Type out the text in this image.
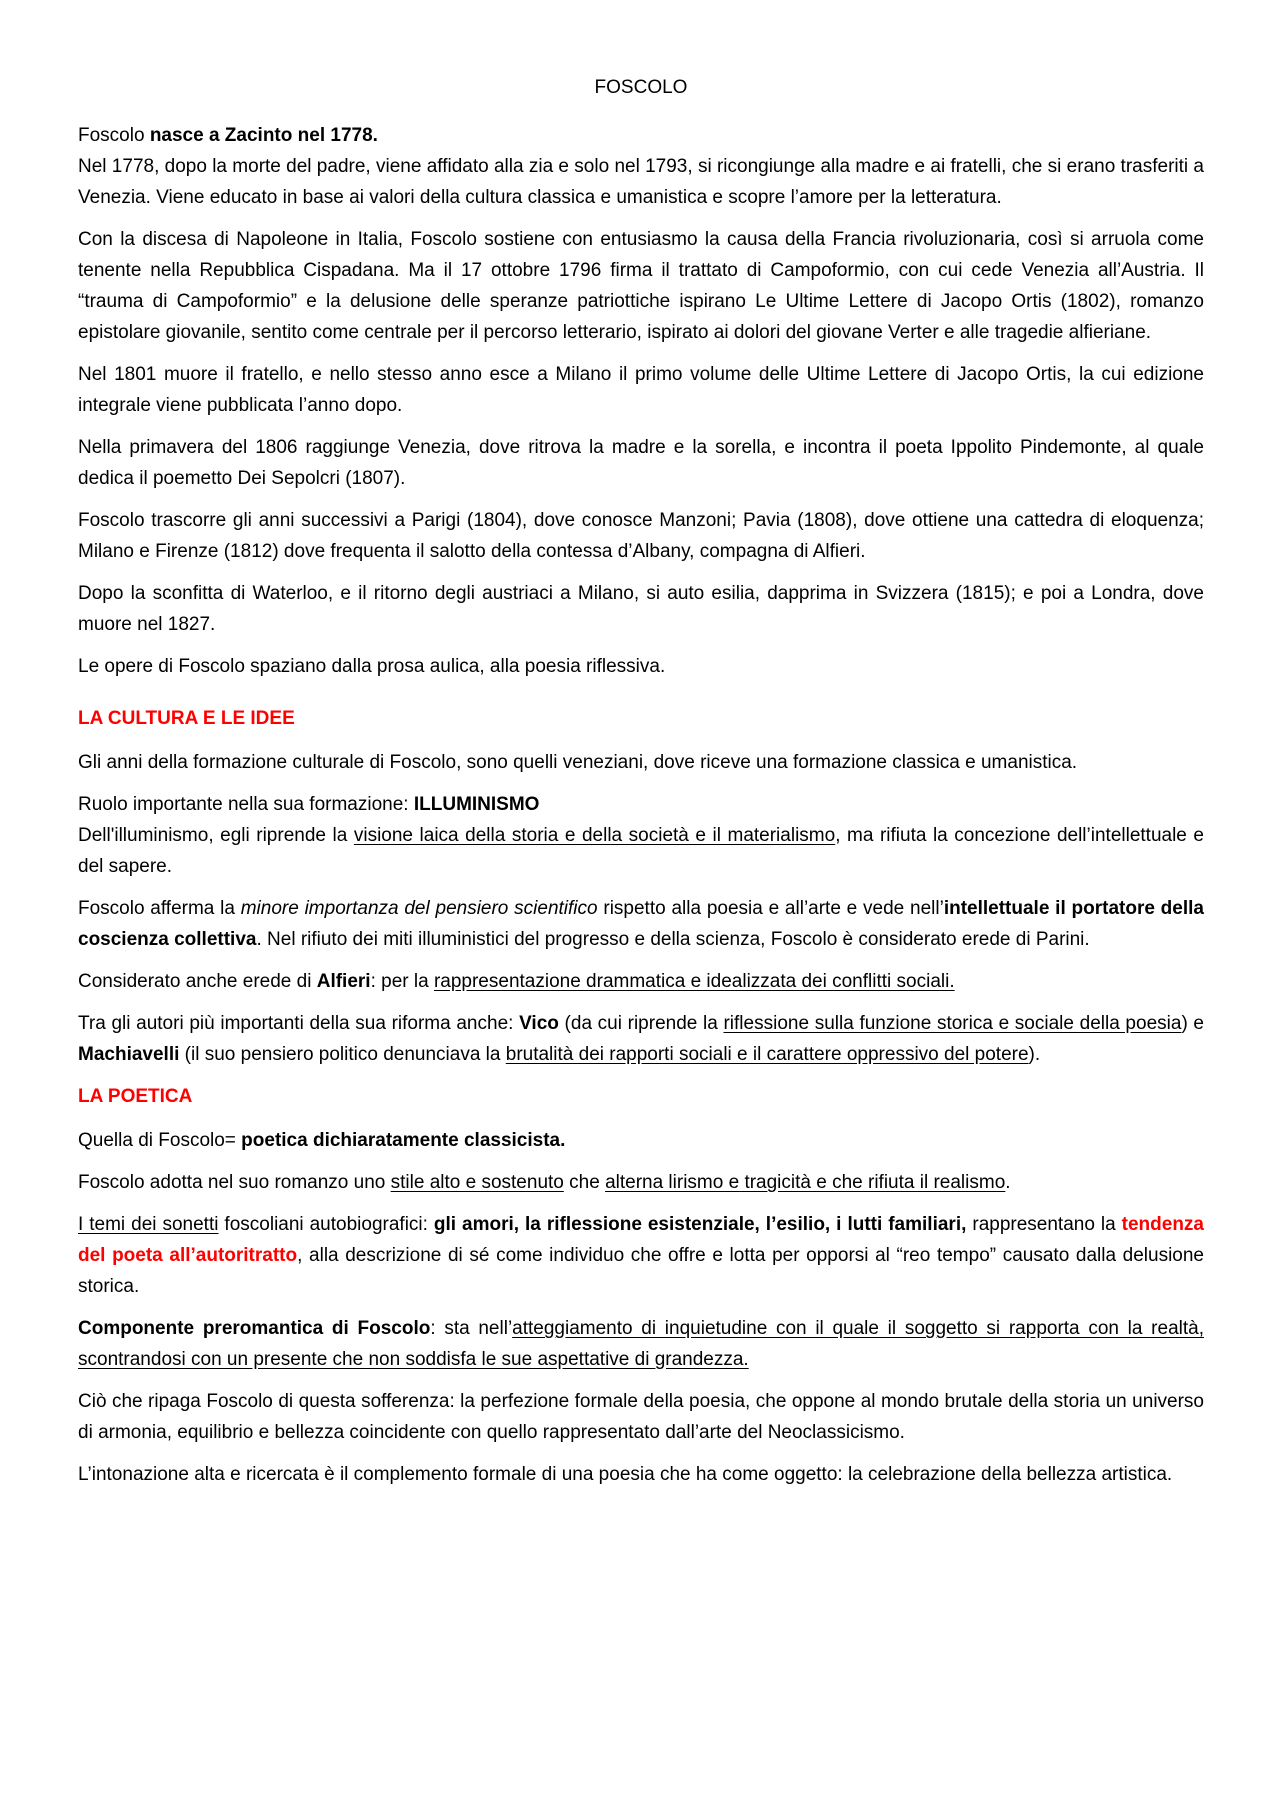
FOSCOLO

Foscolo nasce a Zacinto nel 1778.
Nel 1778, dopo la morte del padre, viene affidato alla zia e solo nel 1793, si ricongiunge alla madre e ai fratelli, che si erano trasferiti a Venezia. Viene educato in base ai valori della cultura classica e umanistica e scopre l’amore per la letteratura.

Con la discesa di Napoleone in Italia, Foscolo sostiene con entusiasmo la causa della Francia rivoluzionaria, così si arruola come tenente nella Repubblica Cispadana. Ma il 17 ottobre 1796 firma il trattato di Campoformio, con cui cede Venezia all’Austria. Il “trauma di Campoformio” e la delusione delle speranze patriottiche ispirano Le Ultime Lettere di Jacopo Ortis (1802), romanzo epistolare giovanile, sentito come centrale per il percorso letterario, ispirato ai dolori del giovane Verter e alle tragedie alfieriane.

Nel 1801 muore il fratello, e nello stesso anno esce a Milano il primo volume delle Ultime Lettere di Jacopo Ortis, la cui edizione integrale viene pubblicata l’anno dopo.

Nella primavera del 1806 raggiunge Venezia, dove ritrova la madre e la sorella, e incontra il poeta Ippolito Pindemonte, al quale dedica il poemetto Dei Sepolcri (1807).

Foscolo trascorre gli anni successivi a Parigi (1804), dove conosce Manzoni; Pavia (1808), dove ottiene una cattedra di eloquenza; Milano e Firenze (1812) dove frequenta il salotto della contessa d’Albany, compagna di Alfieri.

Dopo la sconfitta di Waterloo, e il ritorno degli austriaci a Milano, si auto esilia, dapprima in Svizzera (1815); e poi a Londra, dove muore nel 1827.

Le opere di Foscolo spaziano dalla prosa aulica, alla poesia riflessiva.

LA CULTURA E LE IDEE

Gli anni della formazione culturale di Foscolo, sono quelli veneziani, dove riceve una formazione classica e umanistica.

Ruolo importante nella sua formazione: ILLUMINISMO
Dell'illuminismo, egli riprende la visione laica della storia e della società e il materialismo, ma rifiuta la concezione dell’intellettuale e del sapere.

Foscolo afferma la minore importanza del pensiero scientifico rispetto alla poesia e all’arte e vede nell’intellettuale il portatore della coscienza collettiva. Nel rifiuto dei miti illuministici del progresso e della scienza, Foscolo è considerato erede di Parini.

Considerato anche erede di Alfieri: per la rappresentazione drammatica e idealizzata dei conflitti sociali.

Tra gli autori più importanti della sua riforma anche: Vico (da cui riprende la riflessione sulla funzione storica e sociale della poesia) e Machiavelli (il suo pensiero politico denunciava la brutalità dei rapporti sociali e il carattere oppressivo del potere).

LA POETICA

Quella di Foscolo= poetica dichiaratamente classicista.

Foscolo adotta nel suo romanzo uno stile alto e sostenuto che alterna lirismo e tragicità e che rifiuta il realismo.

I temi dei sonetti foscoliani autobiografici: gli amori, la riflessione esistenziale, l’esilio, i lutti familiari, rappresentano la tendenza del poeta all’autoritratto, alla descrizione di sé come individuo che offre e lotta per opporsi al “reo tempo” causato dalla delusione storica.

Componente preromantica di Foscolo: sta nell’atteggiamento di inquietudine con il quale il soggetto si rapporta con la realtà, scontrandosi con un presente che non soddisfa le sue aspettative di grandezza.

Ciò che ripaga Foscolo di questa sofferenza: la perfezione formale della poesia, che oppone al mondo brutale della storia un universo di armonia, equilibrio e bellezza coincidente con quello rappresentato dall’arte del Neoclassicismo.

L’intonazione alta e ricercata è il complemento formale di una poesia che ha come oggetto: la celebrazione della bellezza artistica.
